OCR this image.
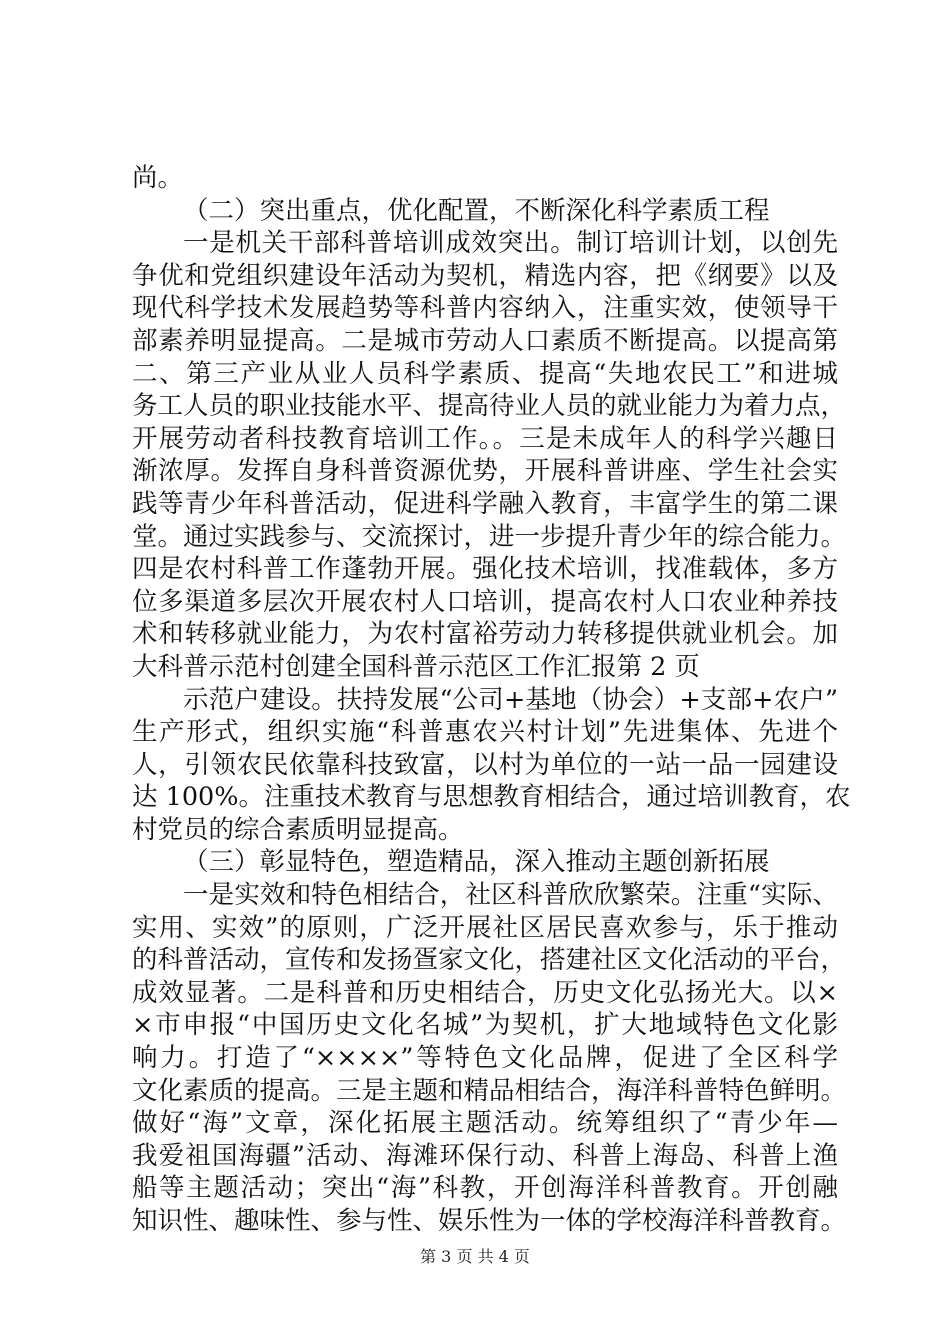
尚。
（二）突出重点，优化配置，不断深化科学素质工程
一是机关干部科普培训成效突出。制订培训计划，以创先
争优和党组织建设年活动为契机，精选内容，把《纲要》以及
现代科学技术发展趋势等科普内容纳入，注重实效，使领导干
部素养明显提高。二是城市劳动人口素质不断提高。以提高第
二、第三产业从业人员科学素质、提高“失地农民工”和进城
务工人员的职业技能水平、提高待业人员的就业能力为着力点，
开展劳动者科技教育培训工作。。三是未成年人的科学兴趣日
渐浓厚。发挥自身科普资源优势，开展科普讲座、学生社会实
践等青少年科普活动，促进科学融入教育，丰富学生的第二课
堂。通过实践参与、交流探讨，进一步提升青少年的综合能力。
四是农村科普工作蓬勃开展。强化技术培训，找准载体，多方
位多渠道多层次开展农村人口培训，提高农村人口农业种养技
术和转移就业能力，为农村富裕劳动力转移提供就业机会。加
大科普示范村创建全国科普示范区工作汇报第 2 页
示范户建设。扶持发展“公司+基地（协会）+支部+农户”
生产形式，组织实施“科普惠农兴村计划”先进集体、先进个
人，引领农民依靠科技致富，以村为单位的一站一品一园建设
达 100%。注重技术教育与思想教育相结合，通过培训教育，农
村党员的综合素质明显提高。
（三）彰显特色，塑造精品，深入推动主题创新拓展
一是实效和特色相结合，社区科普欣欣繁荣。注重“实际、
实用、实效”的原则，广泛开展社区居民喜欢参与，乐于推动
的科普活动，宣传和发扬疍家文化，搭建社区文化活动的平台，
成效显著。二是科普和历史相结合，历史文化弘扬光大。以×
×市申报“中国历史文化名城”为契机，扩大地域特色文化影
响力。打造了“××××”等特色文化品牌，促进了全区科学
文化素质的提高。三是主题和精品相结合，海洋科普特色鲜明。
做好“海”文章，深化拓展主题活动。统筹组织了“青少年—
我爱祖国海疆”活动、海滩环保行动、科普上海岛、科普上渔
船等主题活动；突出“海”科教，开创海洋科普教育。开创融
知识性、趣味性、参与性、娱乐性为一体的学校海洋科普教育。
第 3 页 共 4 页
